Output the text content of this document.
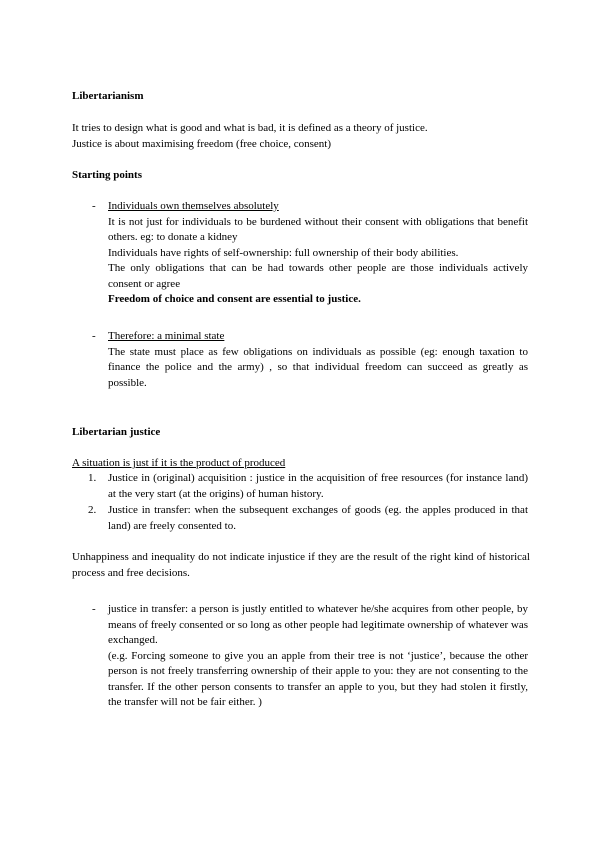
Libertarianism

It tries to design what is good and what is bad, it is defined as a theory of justice.

Justice is about maximising freedom (free choice, consent)

Starting points
- Individuals own themselves absolutely

It is not just for individuals to be burdened without their consent with obligations that benefit others. eg: to donate a kidney

Individuals have rights of self-ownership: full ownership of their body abilities.

The only obligations that can be had towards other people are those individuals actively consent or agree

Freedom of choice and consent are essential to justice.

- Therefore: a minimal state

The state must place as few obligations on individuals as possible (eg: enough taxation to finance the police and the army) , so that individual freedom can succeed as greatly as possible.

Libertarian justice
A situation is just if it is the product of produced
1. Justice in (original) acquisition : justice in the acquisition of free resources (for instance land) at the very start (at the origins) of human history.
2. Justice in transfer: when the subsequent exchanges of goods (eg. the apples produced in that land) are freely consented to.
Unhappiness and inequality do not indicate injustice if they are the result of the right kind of historical process and free decisions.
- justice in transfer: a person is justly entitled to whatever he/she acquires from other people, by means of freely consented or so long as other people had legitimate ownership of whatever was exchanged.

(e.g. Forcing someone to give you an apple from their tree is not ‘justice’, because the other person is not freely transferring ownership of their apple to you: they are not consenting to the transfer. If the other person consents to transfer an apple to you, but they had stolen it firstly, the transfer will not be fair either. )
